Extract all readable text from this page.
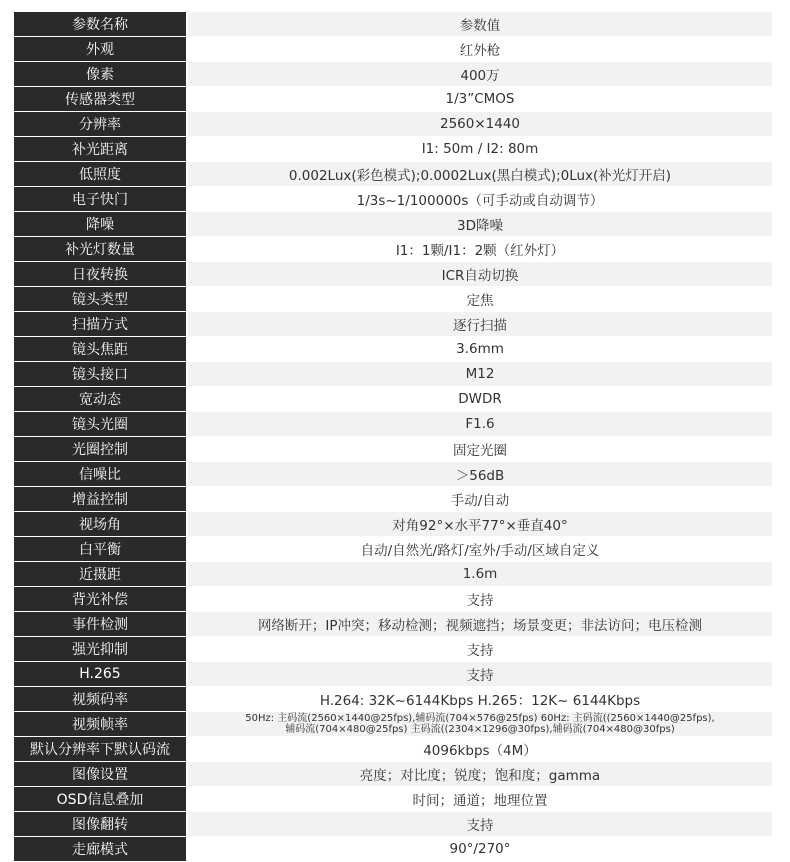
参数名称	参数值
外观	红外枪
像素	400万
传感器类型	1/3”CMOS
分辨率	2560×1440
补光距离	I1: 50m / I2: 80m
低照度	0.002Lux(彩色模式);0.0002Lux(黑白模式);0Lux(补光灯开启)
电子快门	1/3s~1/100000s（可手动或自动调节）
降噪	3D降噪
补光灯数量	I1：1颗/I1：2颗（红外灯）
日夜转换	ICR自动切换
镜头类型	定焦
扫描方式	逐行扫描
镜头焦距	3.6mm
镜头接口	M12
宽动态	DWDR
镜头光圈	F1.6
光圈控制	固定光圈
信噪比	＞56dB
增益控制	手动/自动
视场角	对角92°×水平77°×垂直40°
白平衡	自动/自然光/路灯/室外/手动/区域自定义
近摄距	1.6m
背光补偿	支持
事件检测	网络断开；IP冲突；移动检测；视频遮挡；场景变更；非法访问；电压检测
强光抑制	支持
H.265	支持
视频码率	H.264: 32K~6144Kbps H.265：12K~ 6144Kbps
视频帧率	50Hz: 主码流(2560×1440@25fps),辅码流(704×576@25fps) 60Hz: 主码流((2560×1440@25fps),
辅码流(704×480@25fps) 主码流((2304×1296@30fps),辅码流(704×480@30fps)
默认分辨率下默认码流	4096kbps（4M）
图像设置	亮度；对比度；锐度；饱和度；gamma
OSD信息叠加	时间；通道；地理位置
图像翻转	支持
走廊模式	90°/270°
